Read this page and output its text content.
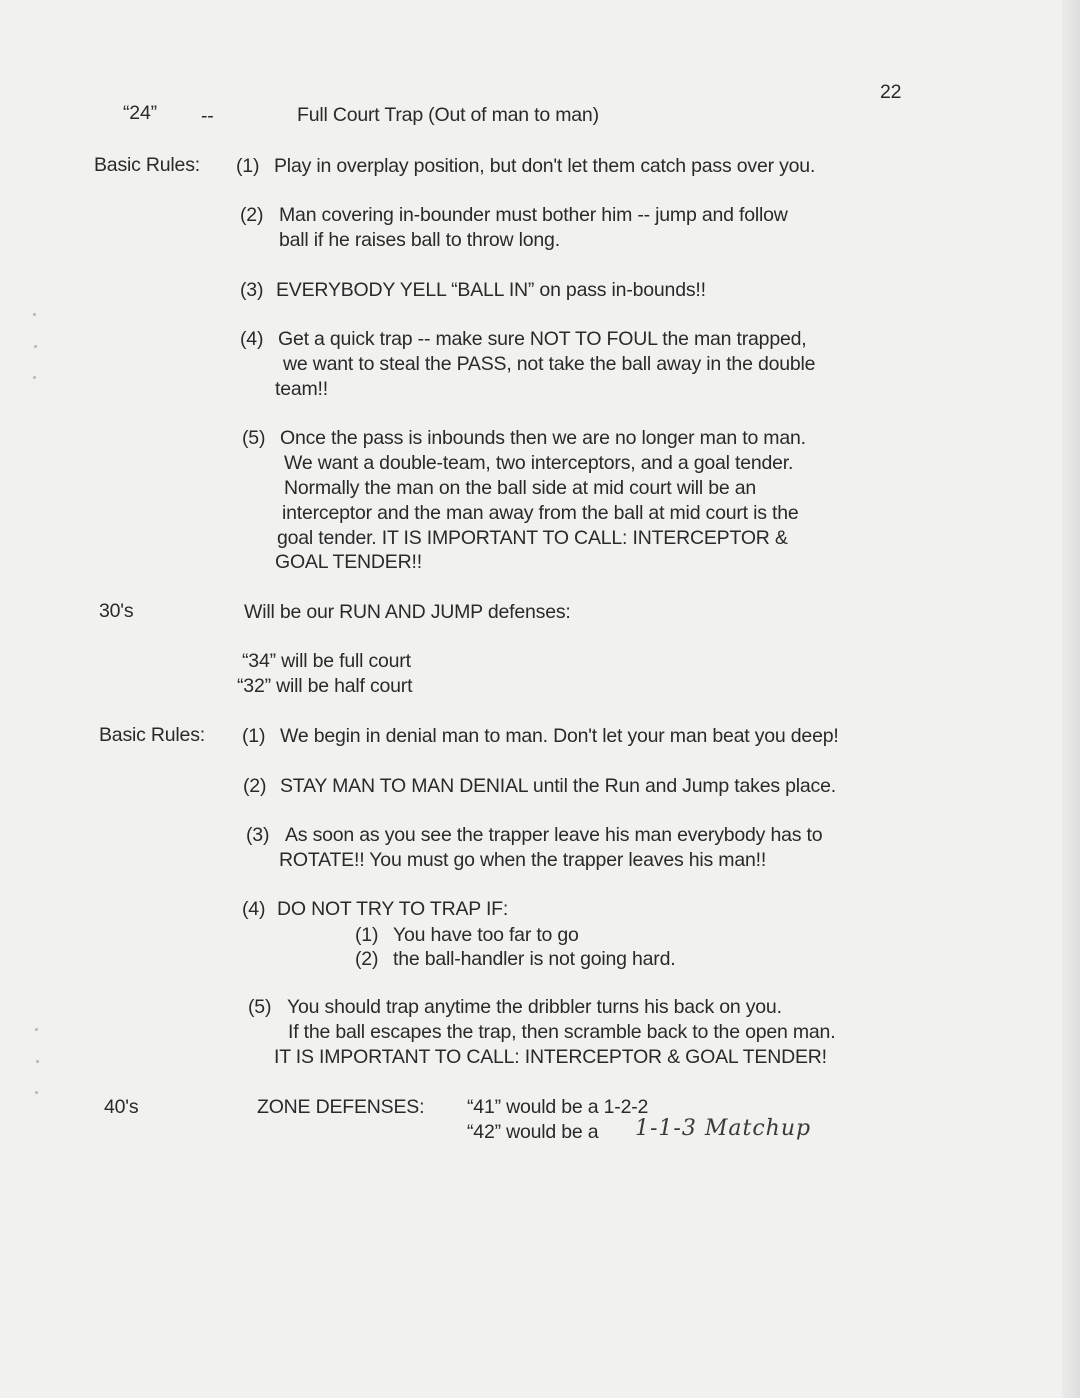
22
“24” --	Full Court Trap (Out of man to man)
Basic Rules: (1) Play in overplay position, but don't let them catch pass over you.
(2) Man covering in-bounder must bother him -- jump and follow
ball if he raises ball to throw long.
(3) EVERYBODY YELL “BALL IN” on pass in-bounds!!
(4) Get a quick trap -- make sure NOT TO FOUL the man trapped,
we want to steal the PASS, not take the ball away in the double
team!!
(5) Once the pass is inbounds then we are no longer man to man.
We want a double-team, two interceptors, and a goal tender.
Normally the man on the ball side at mid court will be an
interceptor and the man away from the ball at mid court is the
goal tender. IT IS IMPORTANT TO CALL: INTERCEPTOR &
GOAL TENDER!!
30's	Will be our RUN AND JUMP defenses:
“34” will be full court
“32” will be half court
Basic Rules: (1) We begin in denial man to man. Don't let your man beat you deep!
(2) STAY MAN TO MAN DENIAL until the Run and Jump takes place.
(3) As soon as you see the trapper leave his man everybody has to
ROTATE!! You must go when the trapper leaves his man!!
(4) DO NOT TRY TO TRAP IF:
(1) You have too far to go
(2) the ball-handler is not going hard.
(5) You should trap anytime the dribbler turns his back on you.
If the ball escapes the trap, then scramble back to the open man.
IT IS IMPORTANT TO CALL: INTERCEPTOR & GOAL TENDER!
40's	ZONE DEFENSES: “41” would be a 1-2-2
“42” would be a 1-1-3 Matchup
